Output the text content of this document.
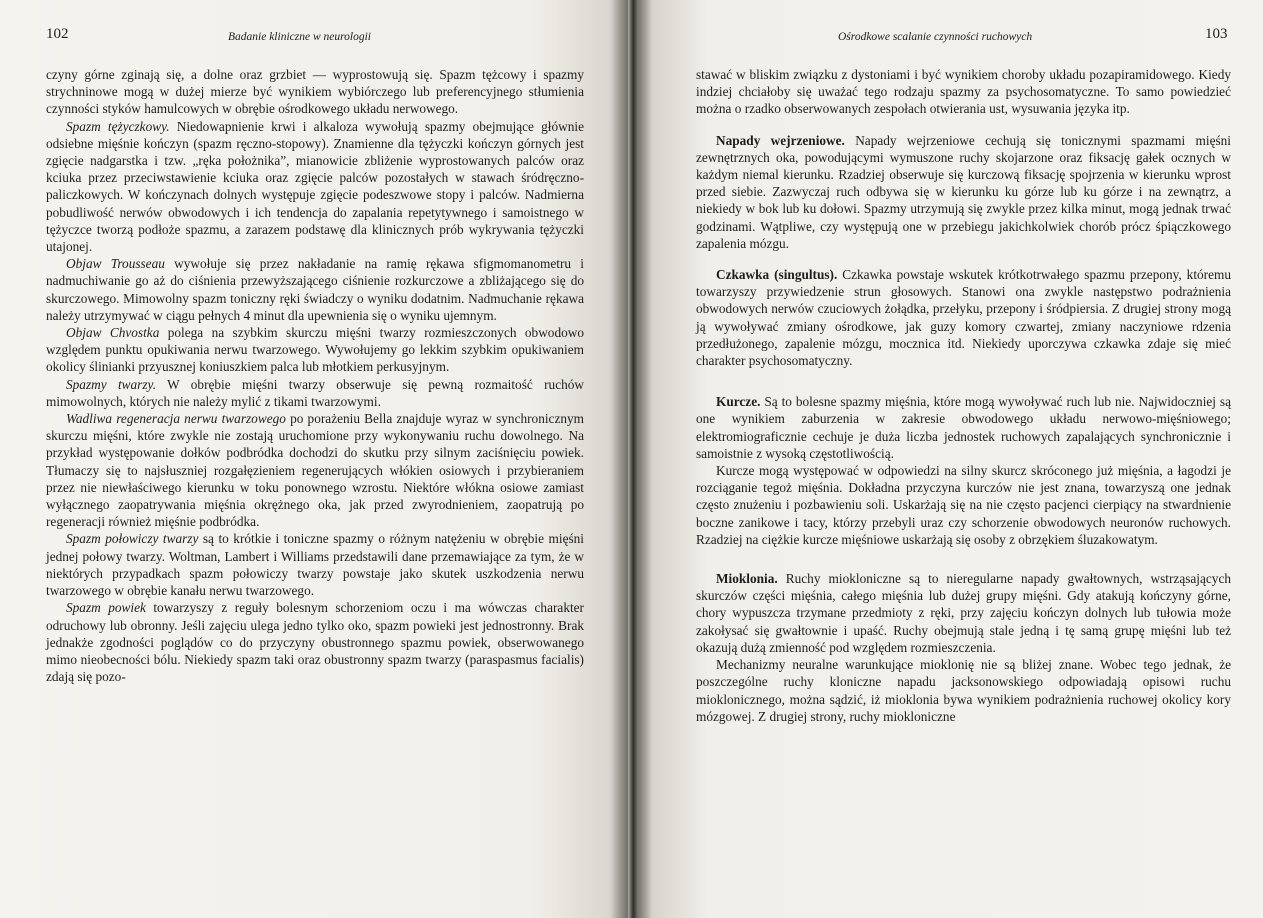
102	Badanie kliniczne w neurologii

czyny górne zginają się, a dolne oraz grzbiet — wyprostowują się. Spazm tężcowy i spazmy strychninowe mogą w dużej mierze być wynikiem wybiórczego lub preferencyjnego stłumienia czynności styków hamulcowych w obrębie ośrodkowego układu nerwowego.

Spazm tężyczkowy. Niedowapnienie krwi i alkaloza wywołują spazmy obejmujące głównie odsiebne mięśnie kończyn (spazm ręczno-stopowy). Znamienne dla tężyczki kończyn górnych jest zgięcie nadgarstka i tzw. „ręka położnika”, mianowicie zbliżenie wyprostowanych palców oraz kciuka przez przeciwstawienie kciuka oraz zgięcie palców pozostałych w stawach śródręczno-paliczkowych. W kończynach dolnych występuje zgięcie podeszwowe stopy i palców. Nadmierna pobudliwość nerwów obwodowych i ich tendencja do zapalania repetytywnego i samoistnego w tężyczce tworzą podłoże spazmu, a zarazem podstawę dla klinicznych prób wykrywania tężyczki utajonej.

Objaw Trousseau wywołuje się przez nakładanie na ramię rękawa sfigmomanometru i nadmuchiwanie go aż do ciśnienia przewyższającego ciśnienie rozkurczowe a zbliżającego się do skurczowego. Mimowolny spazm toniczny ręki świadczy o wyniku dodatnim. Nadmuchanie rękawa należy utrzymywać w ciągu pełnych 4 minut dla upewnienia się o wyniku ujemnym.

Objaw Chvostka polega na szybkim skurczu mięśni twarzy rozmieszczonych obwodowo względem punktu opukiwania nerwu twarzowego. Wywołujemy go lekkim szybkim opukiwaniem okolicy ślinianki przyusznej koniuszkiem palca lub młotkiem perkusyjnym.

Spazmy twarzy. W obrębie mięśni twarzy obserwuje się pewną rozmaitość ruchów mimowolnych, których nie należy mylić z tikami twarzowymi.

Wadliwa regeneracja nerwu twarzowego po porażeniu Bella znajduje wyraz w synchronicznym skurczu mięśni, które zwykle nie zostają uruchomione przy wykonywaniu ruchu dowolnego. Na przykład występowanie dołków podbródka dochodzi do skutku przy silnym zaciśnięciu powiek. Tłumaczy się to najsłuszniej rozgałęzieniem regenerujących włókien osiowych i przybieraniem przez nie niewłaściwego kierunku w toku ponownego wzrostu. Niektóre włókna osiowe zamiast wyłącznego zaopatrywania mięśnia okrężnego oka, jak przed zwyrodnieniem, zaopatrują po regeneracji również mięśnie podbródka.

Spazm połowiczy twarzy są to krótkie i toniczne spazmy o różnym natężeniu w obrębie mięśni jednej połowy twarzy. Woltman, Lambert i Williams przedstawili dane przemawiające za tym, że w niektórych przypadkach spazm połowiczy twarzy powstaje jako skutek uszkodzenia nerwu twarzowego w obrębie kanału nerwu twarzowego.

Spazm powiek towarzyszy z reguły bolesnym schorzeniom oczu i ma wówczas charakter odruchowy lub obronny. Jeśli zajęciu ulega jedno tylko oko, spazm powieki jest jednostronny. Brak jednakże zgodności poglądów co do przyczyny obustronnego spazmu powiek, obserwowanego mimo nieobecności bólu. Niekiedy spazm taki oraz obustronny spazm twarzy (paraspasmus facialis) zdają się pozo-

Ośrodkowe scalanie czynności ruchowych	103

stawać w bliskim związku z dystoniami i być wynikiem choroby układu pozapiramidowego. Kiedy indziej chciałoby się uważać tego rodzaju spazmy za psychosomatyczne. To samo powiedzieć można o rzadko obserwowanych zespołach otwierania ust, wysuwania języka itp.

Napady wejrzeniowe. Napady wejrzeniowe cechują się tonicznymi spazmami mięśni zewnętrznych oka, powodującymi wymuszone ruchy skojarzone oraz fiksację gałek ocznych w każdym niemal kierunku. Rzadziej obserwuje się kurczową fiksację spojrzenia w kierunku wprost przed siebie. Zazwyczaj ruch odbywa się w kierunku ku górze lub ku górze i na zewnątrz, a niekiedy w bok lub ku dołowi. Spazmy utrzymują się zwykle przez kilka minut, mogą jednak trwać godzinami. Wątpliwe, czy występują one w przebiegu jakichkolwiek chorób prócz śpiączkowego zapalenia mózgu.

Czkawka (singultus). Czkawka powstaje wskutek krótkotrwałego spazmu przepony, któremu towarzyszy przywiedzenie strun głosowych. Stanowi ona zwykle następstwo podrażnienia obwodowych nerwów czuciowych żołądka, przełyku, przepony i śródpiersia. Z drugiej strony mogą ją wywoływać zmiany ośrodkowe, jak guzy komory czwartej, zmiany naczyniowe rdzenia przedłużonego, zapalenie mózgu, mocznica itd. Niekiedy uporczywa czkawka zdaje się mieć charakter psychosomatyczny.

Kurcze. Są to bolesne spazmy mięśnia, które mogą wywoływać ruch lub nie. Najwidoczniej są one wynikiem zaburzenia w zakresie obwodowego układu nerwowo-mięśniowego; elektromiograficznie cechuje je duża liczba jednostek ruchowych zapalających synchronicznie i samoistnie z wysoką częstotliwością.

Kurcze mogą występować w odpowiedzi na silny skurcz skróconego już mięśnia, a łagodzi je rozciąganie tegoż mięśnia. Dokładna przyczyna kurczów nie jest znana, towarzyszą one jednak często znużeniu i pozbawieniu soli. Uskarżają się na nie często pacjenci cierpiący na stwardnienie boczne zanikowe i tacy, którzy przebyli uraz czy schorzenie obwodowych neuronów ruchowych. Rzadziej na ciężkie kurcze mięśniowe uskarżają się osoby z obrzękiem śluzakowatym.

Mioklonia. Ruchy miokloniczne są to nieregularne napady gwałtownych, wstrząsających skurczów części mięśnia, całego mięśnia lub dużej grupy mięśni. Gdy atakują kończyny górne, chory wypuszcza trzymane przedmioty z ręki, przy zajęciu kończyn dolnych lub tułowia może zakołysać się gwałtownie i upaść. Ruchy obejmują stale jedną i tę samą grupę mięśni lub też okazują dużą zmienność pod względem rozmieszczenia.

Mechanizmy neuralne warunkujące mioklonię nie są bliżej znane. Wobec tego jednak, że poszczególne ruchy kloniczne napadu jacksonowskiego odpowiadają opisowi ruchu mioklonicznego, można sądzić, iż mioklonia bywa wynikiem podrażnienia ruchowej okolicy kory mózgowej. Z drugiej strony, ruchy miokloniczne
